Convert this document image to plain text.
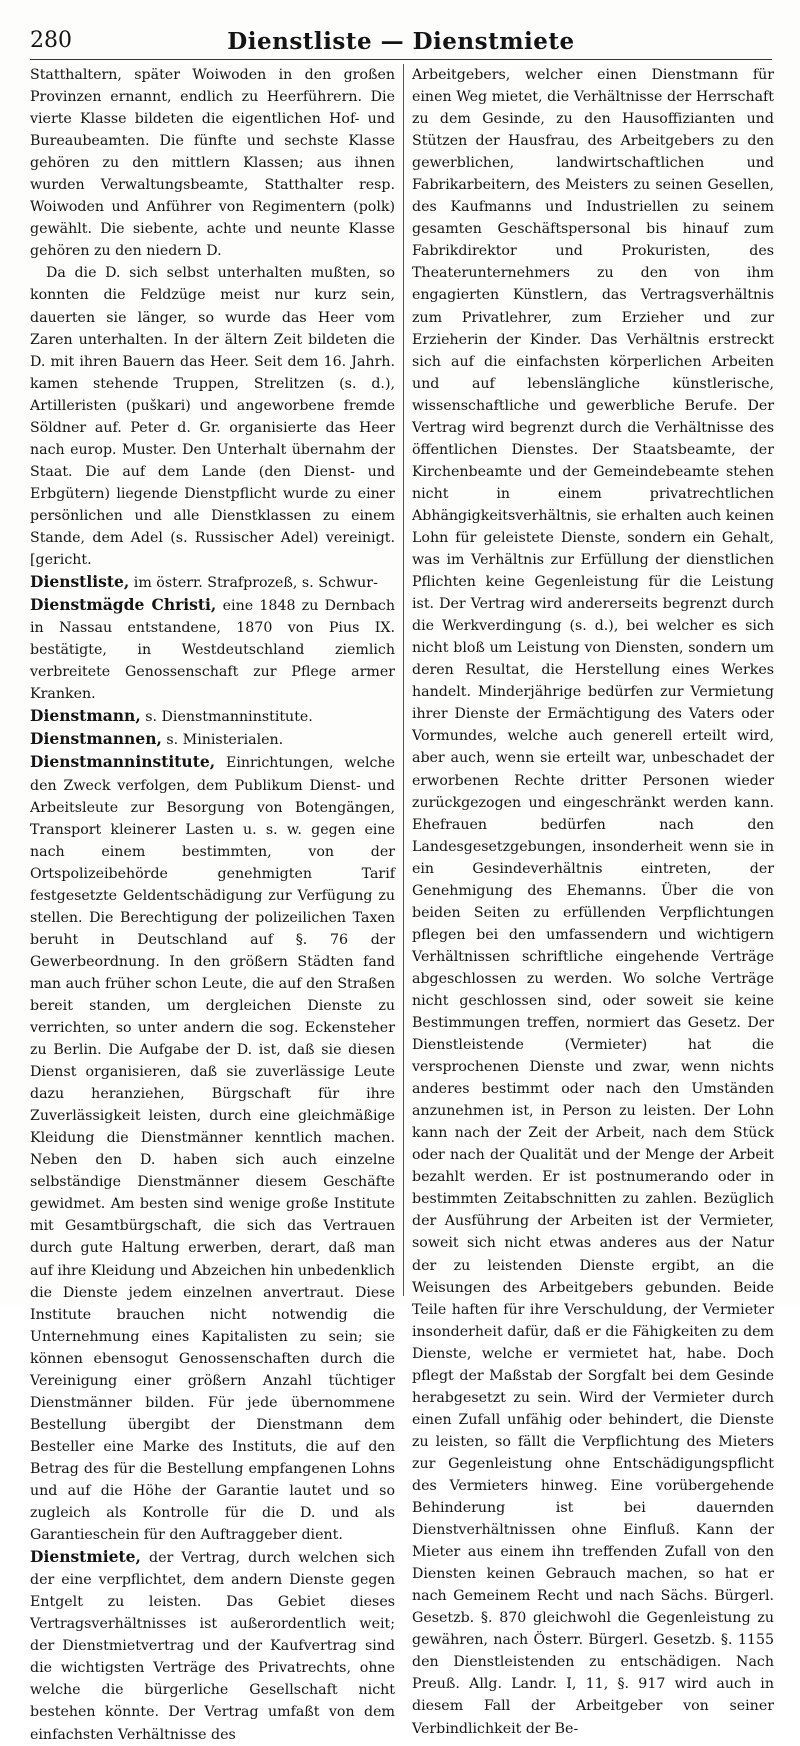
280	Dienstliste — Dienstmiete

Statthaltern, später Woiwoden in den großen Provinzen ernannt, endlich zu Heerführern. Die vierte Klasse bildeten die eigentlichen Hof- und Bureaubeamten. Die fünfte und sechste Klasse gehören zu den mittlern Klassen; aus ihnen wurden Verwaltungsbeamte, Statthalter resp. Woiwoden und Anführer von Regimentern (polk) gewählt. Die siebente, achte und neunte Klasse gehören zu den niedern D.

Da die D. sich selbst unterhalten mußten, so konnten die Feldzüge meist nur kurz sein, dauerten sie länger, so wurde das Heer vom Zaren unterhalten. In der ältern Zeit bildeten die D. mit ihren Bauern das Heer. Seit dem 16. Jahrh. kamen stehende Truppen, Strelitzen (s. d.), Artilleristen (puškari) und angeworbene fremde Söldner auf. Peter d. Gr. organisierte das Heer nach europ. Muster. Den Unterhalt übernahm der Staat. Die auf dem Lande (den Dienst- und Erbgütern) liegende Dienstpflicht wurde zu einer persönlichen und alle Dienstklassen zu einem Stande, dem Adel (s. Russischer Adel) vereinigt. [gericht.

Dienstliste, im österr. Strafprozeß, s. Schwur-

Dienstmägde Christi, eine 1848 zu Dernbach in Nassau entstandene, 1870 von Pius IX. bestätigte, in Westdeutschland ziemlich verbreitete Genossenschaft zur Pflege armer Kranken.

Dienstmann, s. Dienstmanninstitute.

Dienstmannen, s. Ministerialen.

Dienstmanninstitute, Einrichtungen, welche den Zweck verfolgen, dem Publikum Dienst- und Arbeitsleute zur Besorgung von Botengängen, Transport kleinerer Lasten u. s. w. gegen eine nach einem bestimmten, von der Ortspolizeibehörde genehmigten Tarif festgesetzte Geldentschädigung zur Verfügung zu stellen. Die Berechtigung der polizeilichen Taxen beruht in Deutschland auf §. 76 der Gewerbeordnung. In den größern Städten fand man auch früher schon Leute, die auf den Straßen bereit standen, um dergleichen Dienste zu verrichten, so unter andern die sog. Eckensteher zu Berlin. Die Aufgabe der D. ist, daß sie diesen Dienst organisieren, daß sie zuverlässige Leute dazu heranziehen, Bürgschaft für ihre Zuverlässigkeit leisten, durch eine gleichmäßige Kleidung die Dienstmänner kenntlich machen. Neben den D. haben sich auch einzelne selbständige Dienstmänner diesem Geschäfte gewidmet. Am besten sind wenige große Institute mit Gesamtbürgschaft, die sich das Vertrauen durch gute Haltung erwerben, derart, daß man auf ihre Kleidung und Abzeichen hin unbedenklich die Dienste jedem einzelnen anvertraut. Diese Institute brauchen nicht notwendig die Unternehmung eines Kapitalisten zu sein; sie können ebensogut Genossenschaften durch die Vereinigung einer größern Anzahl tüchtiger Dienstmänner bilden. Für jede übernommene Bestellung übergibt der Dienstmann dem Besteller eine Marke des Instituts, die auf den Betrag des für die Bestellung empfangenen Lohns und auf die Höhe der Garantie lautet und so zugleich als Kontrolle für die D. und als Garantieschein für den Auftraggeber dient.

Dienstmiete, der Vertrag, durch welchen sich der eine verpflichtet, dem andern Dienste gegen Entgelt zu leisten. Das Gebiet dieses Vertragsverhältnisses ist außerordentlich weit; der Dienstmietvertrag und der Kaufvertrag sind die wichtigsten Verträge des Privatrechts, ohne welche die bürgerliche Gesellschaft nicht bestehen könnte. Der Vertrag umfaßt von dem einfachsten Verhältnisse des

Arbeitgebers, welcher einen Dienstmann für einen Weg mietet, die Verhältnisse der Herrschaft zu dem Gesinde, zu den Hausoffizianten und Stützen der Hausfrau, des Arbeitgebers zu den gewerblichen, landwirtschaftlichen und Fabrikarbeitern, des Meisters zu seinen Gesellen, des Kaufmanns und Industriellen zu seinem gesamten Geschäftspersonal bis hinauf zum Fabrikdirektor und Prokuristen, des Theaterunternehmers zu den von ihm engagierten Künstlern, das Vertragsverhältnis zum Privatlehrer, zum Erzieher und zur Erzieherin der Kinder. Das Verhältnis erstreckt sich auf die einfachsten körperlichen Arbeiten und auf lebenslängliche künstlerische, wissenschaftliche und gewerbliche Berufe. Der Vertrag wird begrenzt durch die Verhältnisse des öffentlichen Dienstes. Der Staatsbeamte, der Kirchenbeamte und der Gemeindebeamte stehen nicht in einem privatrechtlichen Abhängigkeitsverhältnis, sie erhalten auch keinen Lohn für geleistete Dienste, sondern ein Gehalt, was im Verhältnis zur Erfüllung der dienstlichen Pflichten keine Gegenleistung für die Leistung ist. Der Vertrag wird andererseits begrenzt durch die Werkverdingung (s. d.), bei welcher es sich nicht bloß um Leistung von Diensten, sondern um deren Resultat, die Herstellung eines Werkes handelt. Minderjährige bedürfen zur Vermietung ihrer Dienste der Ermächtigung des Vaters oder Vormundes, welche auch generell erteilt wird, aber auch, wenn sie erteilt war, unbeschadet der erworbenen Rechte dritter Personen wieder zurückgezogen und eingeschränkt werden kann. Ehefrauen bedürfen nach den Landesgesetzgebungen, insonderheit wenn sie in ein Gesindeverhältnis eintreten, der Genehmigung des Ehemanns. Über die von beiden Seiten zu erfüllenden Verpflichtungen pflegen bei den umfassendern und wichtigern Verhältnissen schriftliche eingehende Verträge abgeschlossen zu werden. Wo solche Verträge nicht geschlossen sind, oder soweit sie keine Bestimmungen treffen, normiert das Gesetz. Der Dienstleistende (Vermieter) hat die versprochenen Dienste und zwar, wenn nichts anderes bestimmt oder nach den Umständen anzunehmen ist, in Person zu leisten. Der Lohn kann nach der Zeit der Arbeit, nach dem Stück oder nach der Qualität und der Menge der Arbeit bezahlt werden. Er ist postnumerando oder in bestimmten Zeitabschnitten zu zahlen. Bezüglich der Ausführung der Arbeiten ist der Vermieter, soweit sich nicht etwas anderes aus der Natur der zu leistenden Dienste ergibt, an die Weisungen des Arbeitgebers gebunden. Beide Teile haften für ihre Verschuldung, der Vermieter insonderheit dafür, daß er die Fähigkeiten zu dem Dienste, welche er vermietet hat, habe. Doch pflegt der Maßstab der Sorgfalt bei dem Gesinde herabgesetzt zu sein. Wird der Vermieter durch einen Zufall unfähig oder behindert, die Dienste zu leisten, so fällt die Verpflichtung des Mieters zur Gegenleistung ohne Entschädigungspflicht des Vermieters hinweg. Eine vorübergehende Behinderung ist bei dauernden Dienstverhältnissen ohne Einfluß. Kann der Mieter aus einem ihn treffenden Zufall von den Diensten keinen Gebrauch machen, so hat er nach Gemeinem Recht und nach Sächs. Bürgerl. Gesetzb. §. 870 gleichwohl die Gegenleistung zu gewähren, nach Österr. Bürgerl. Gesetzb. §. 1155 den Dienstleistenden zu entschädigen. Nach Preuß. Allg. Landr. I, 11, §. 917 wird auch in diesem Fall der Arbeitgeber von seiner Verbindlichkeit der Be-
